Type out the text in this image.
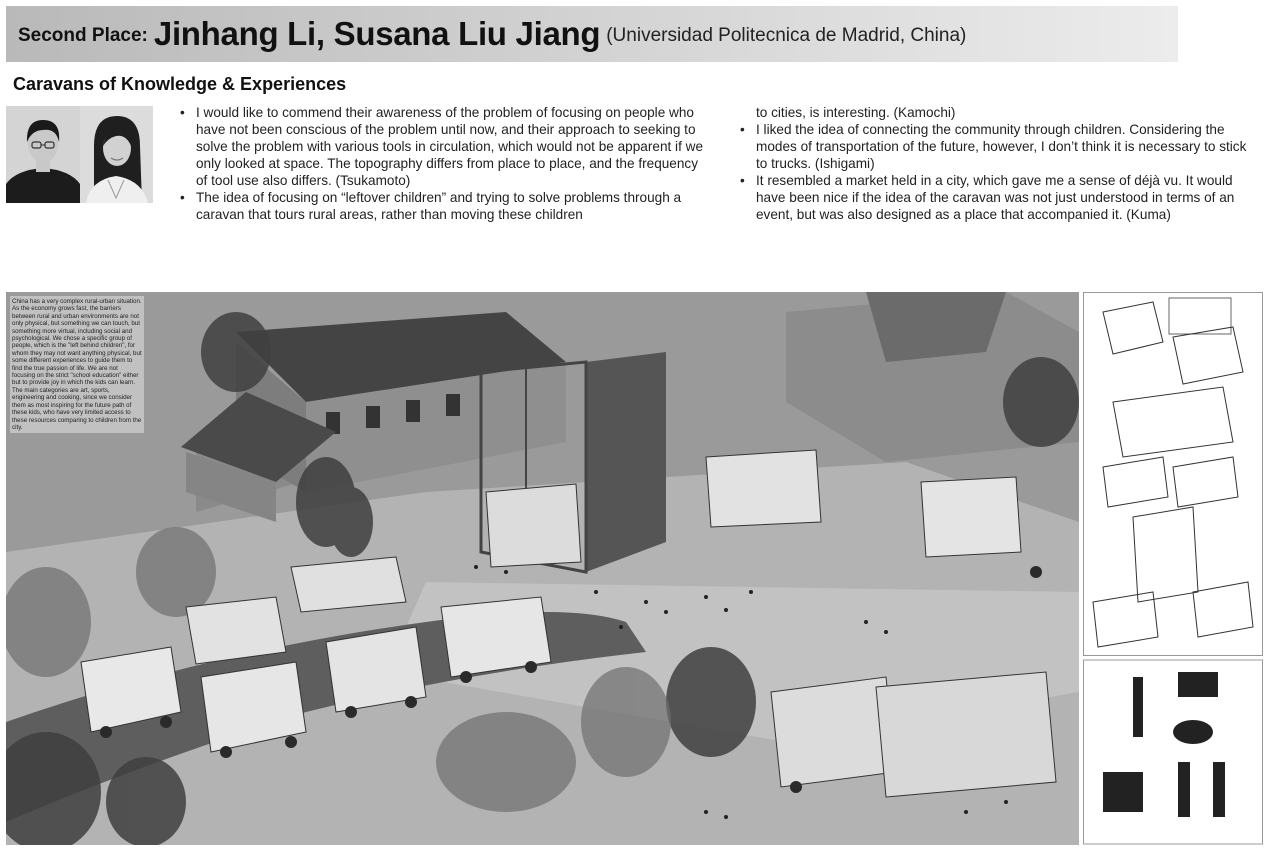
Second Place: Jinhang Li, Susana Liu Jiang (Universidad Politecnica de Madrid, China)
Caravans of Knowledge & Experiences
• I would like to commend their awareness of the problem of focusing on people who have not been conscious of the problem until now, and their approach to seeking to solve the problem with various tools in circulation, which would not be apparent if we only looked at space. The topography differs from place to place, and the frequency of tool use also differs. (Tsukamoto)
• The idea of focusing on “leftover children” and trying to solve problems through a caravan that tours rural areas, rather than moving these children
to cities, is interesting. (Kamochi)
• I liked the idea of connecting the community through children. Considering the modes of transportation of the future, however, I don’t think it is necessary to stick to trucks. (Ishigami)
• It resembled a market held in a city, which gave me a sense of déjà vu. It would have been nice if the idea of the caravan was not just understood in terms of an event, but was also designed as a place that accompanied it. (Kuma)
China has a very complex rural-urban situation. As the economy grows fast, the barriers between rural and urban environments are not only physical, but something we can touch, but something more virtual, including social and psychological. We chose a specific group of people, which is the "left behind children", for whom they may not want anything physical, but some different experiences to guide them to find the true passion of life. We are not focusing on the strict "school education" either but to provide joy in which the kids can learn. The main categories are art, sports, engineering and cooking, since we consider them as most inspiring for the future path of these kids, who have very limited access to these resources comparing to children from the city.
